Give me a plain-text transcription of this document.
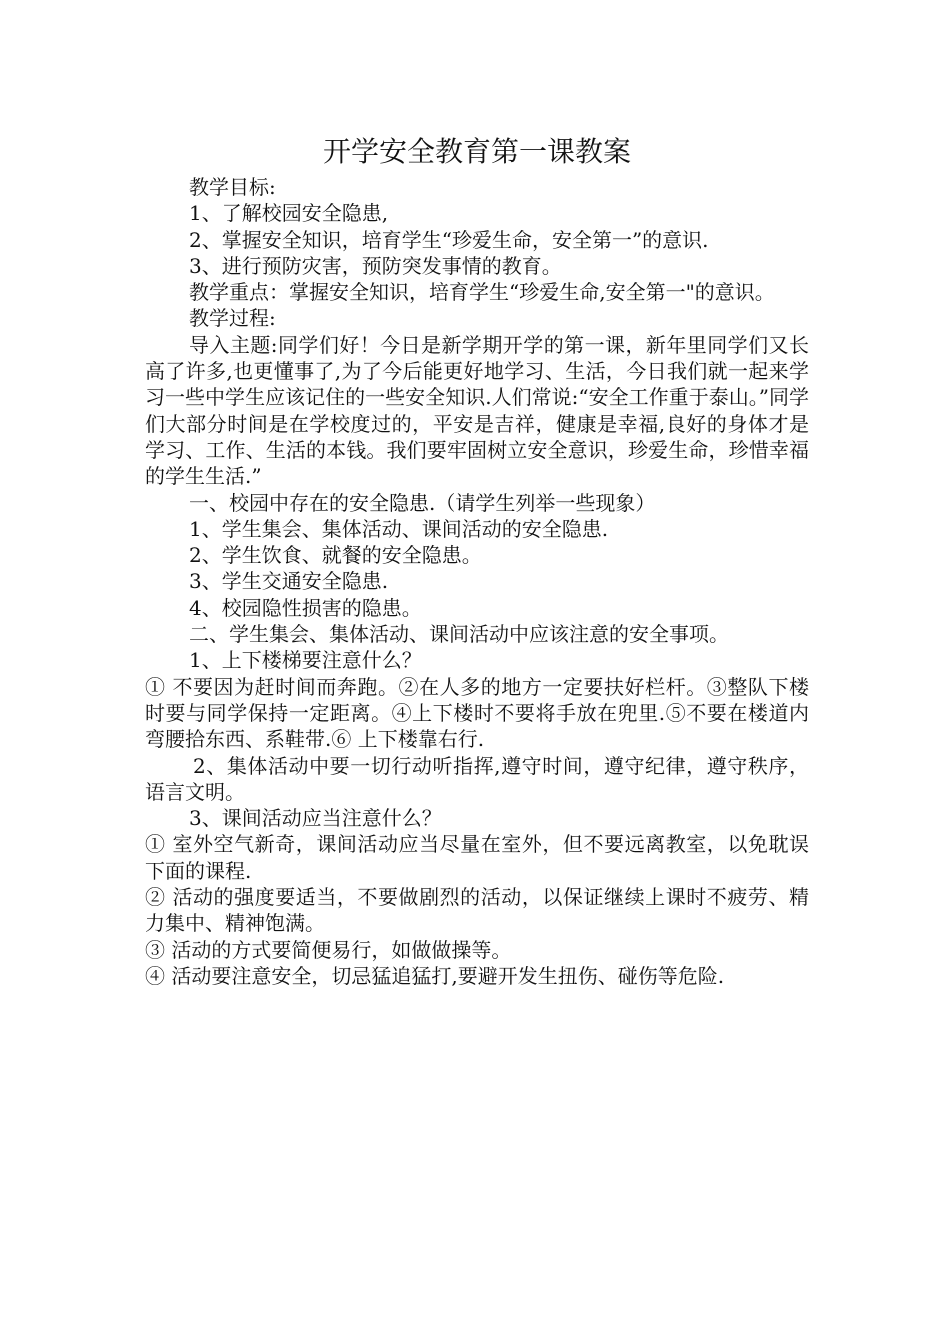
开学安全教育第一课教案

教学目标:

1、了解校园安全隐患,

2、掌握安全知识，培育学生“珍爱生命，安全第一”的意识.

3、进行预防灾害，预防突发事情的教育。

教学重点：掌握安全知识，培育学生“珍爱生命,安全第一"的意识。

教学过程:

导入主题:同学们好！今日是新学期开学的第一课，新年里同学们又长高了许多,也更懂事了,为了今后能更好地学习、生活，今日我们就一起来学习一些中学生应该记住的一些安全知识.人们常说:“安全工作重于泰山。”同学们大部分时间是在学校度过的，平安是吉祥，健康是幸福,良好的身体才是学习、工作、生活的本钱。我们要牢固树立安全意识，珍爱生命，珍惜幸福的学生生活.”

一、校园中存在的安全隐患.（请学生列举一些现象）

1、学生集会、集体活动、课间活动的安全隐患.

2、学生饮食、就餐的安全隐患。

3、学生交通安全隐患.

4、校园隐性损害的隐患。

二、学生集会、集体活动、课间活动中应该注意的安全事项。

1、上下楼梯要注意什么？

① 不要因为赶时间而奔跑。②在人多的地方一定要扶好栏杆。③整队下楼时要与同学保持一定距离。④上下楼时不要将手放在兜里.⑤不要在楼道内弯腰拾东西、系鞋带.⑥ 上下楼靠右行.

2、集体活动中要一切行动听指挥,遵守时间，遵守纪律，遵守秩序，语言文明。

3、课间活动应当注意什么？

① 室外空气新奇，课间活动应当尽量在室外，但不要远离教室，以免耽误下面的课程.

② 活动的强度要适当，不要做剧烈的活动，以保证继续上课时不疲劳、精力集中、精神饱满。

③ 活动的方式要简便易行，如做做操等。

④ 活动要注意安全，切忌猛追猛打,要避开发生扭伤、碰伤等危险.
